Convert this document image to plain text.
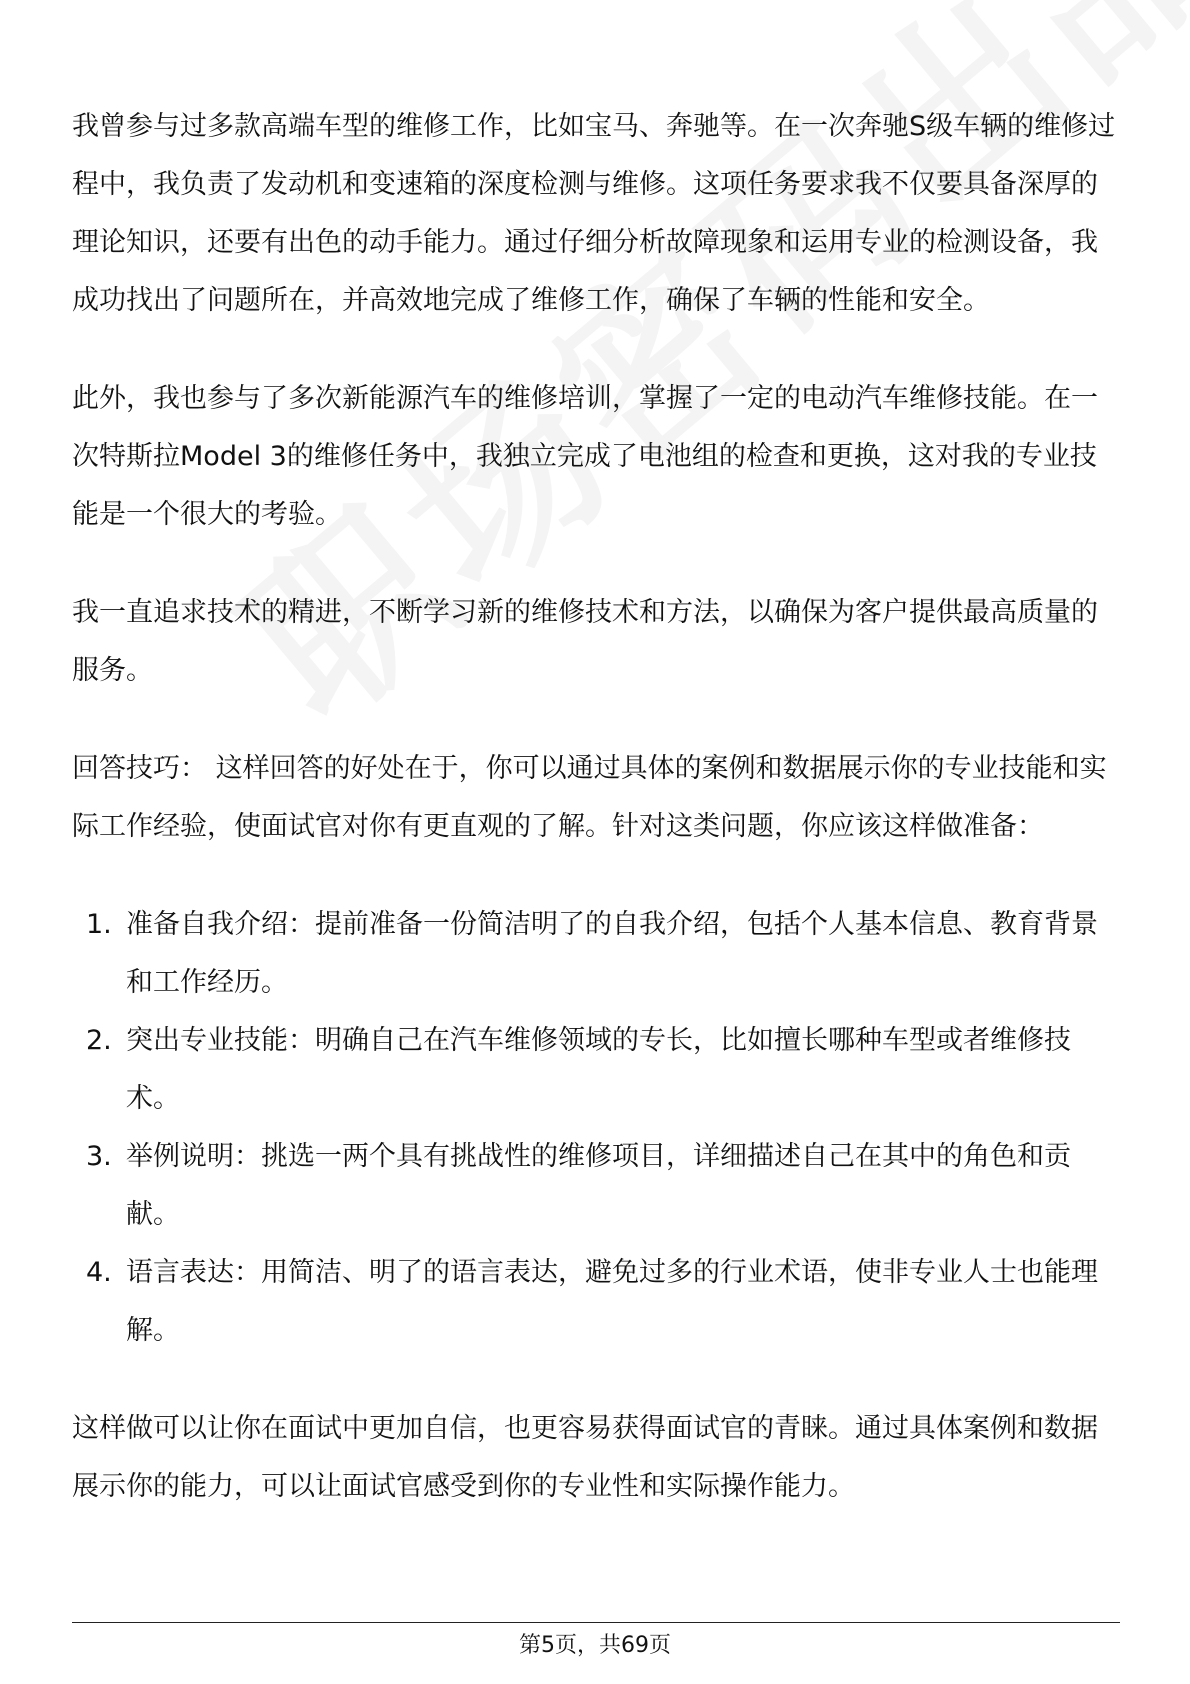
我曾参与过多款高端车型的维修工作，比如宝马、奔驰等。在一次奔驰S级车辆的维修过程中，我负责了发动机和变速箱的深度检测与维修。这项任务要求我不仅要具备深厚的理论知识，还要有出色的动手能力。通过仔细分析故障现象和运用专业的检测设备，我成功找出了问题所在，并高效地完成了维修工作，确保了车辆的性能和安全。

此外，我也参与了多次新能源汽车的维修培训，掌握了一定的电动汽车维修技能。在一次特斯拉Model 3的维修任务中，我独立完成了电池组的检查和更换，这对我的专业技能是一个很大的考验。

我一直追求技术的精进，不断学习新的维修技术和方法，以确保为客户提供最高质量的服务。

回答技巧： 这样回答的好处在于，你可以通过具体的案例和数据展示你的专业技能和实际工作经验，使面试官对你有更直观的了解。针对这类问题，你应该这样做准备：

1. 准备自我介绍：提前准备一份简洁明了的自我介绍，包括个人基本信息、教育背景和工作经历。
2. 突出专业技能：明确自己在汽车维修领域的专长，比如擅长哪种车型或者维修技术。
3. 举例说明：挑选一两个具有挑战性的维修项目，详细描述自己在其中的角色和贡献。
4. 语言表达：用简洁、明了的语言表达，避免过多的行业术语，使非专业人士也能理解。

这样做可以让你在面试中更加自信，也更容易获得面试官的青睐。通过具体案例和数据展示你的能力，可以让面试官感受到你的专业性和实际操作能力。

第5页，共69页
